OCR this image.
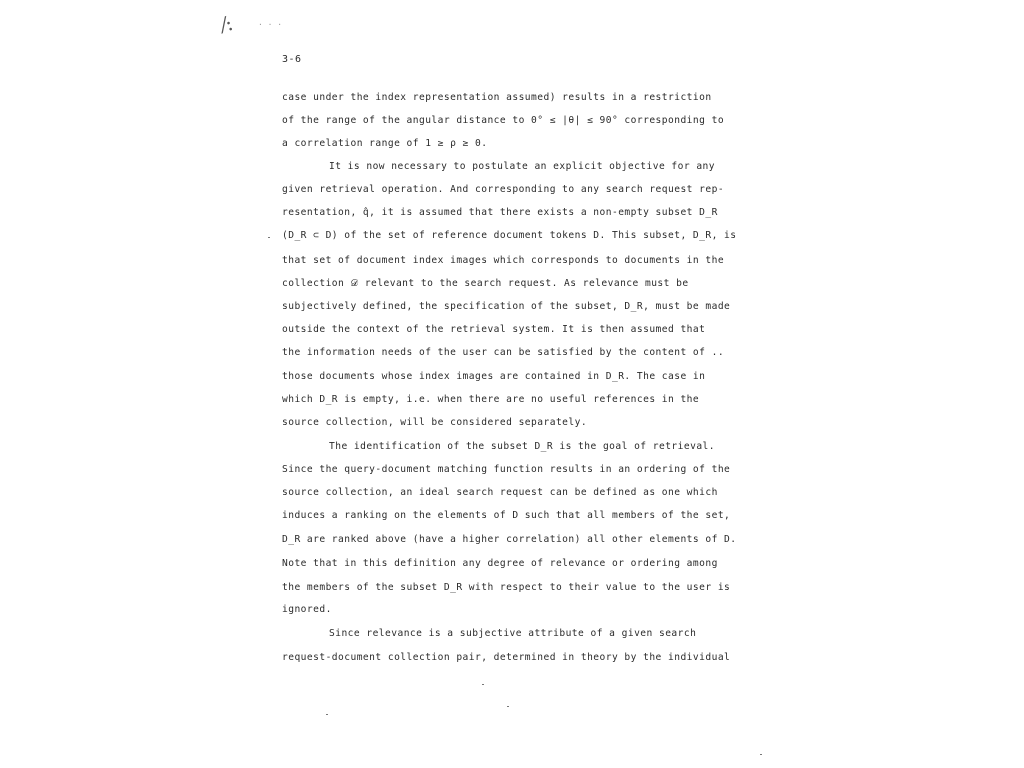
⁄:	· · ·
3-6
case under the index representation assumed) results in a restriction
of the range of the angular distance to 0° ≤ |θ| ≤ 90° corresponding to
a correlation range of 1 ≥ ρ ≥ 0.
It is now necessary to postulate an explicit objective for any
given retrieval operation. And corresponding to any search request rep-
resentation, q̂, it is assumed that there exists a non-empty subset D_R
(D_R ⊂ D) of the set of reference document tokens D. This subset, D_R, is
that set of document index images which corresponds to documents in the
collection 𝒟 relevant to the search request. As relevance must be
subjectively defined, the specification of the subset, D_R, must be made
outside the context of the retrieval system. It is then assumed that
the information needs of the user can be satisfied by the content of ..
those documents whose index images are contained in D_R. The case in
which D_R is empty, i.e. when there are no useful references in the
source collection, will be considered separately.
The identification of the subset D_R is the goal of retrieval.
Since the query-document matching function results in an ordering of the
source collection, an ideal search request can be defined as one which
induces a ranking on the elements of D such that all members of the set,
D_R are ranked above (have a higher correlation) all other elements of D.
Note that in this definition any degree of relevance or ordering among
the members of the subset D_R with respect to their value to the user is
ignored.
Since relevance is a subjective attribute of a given search
request-document collection pair, determined in theory by the individual
